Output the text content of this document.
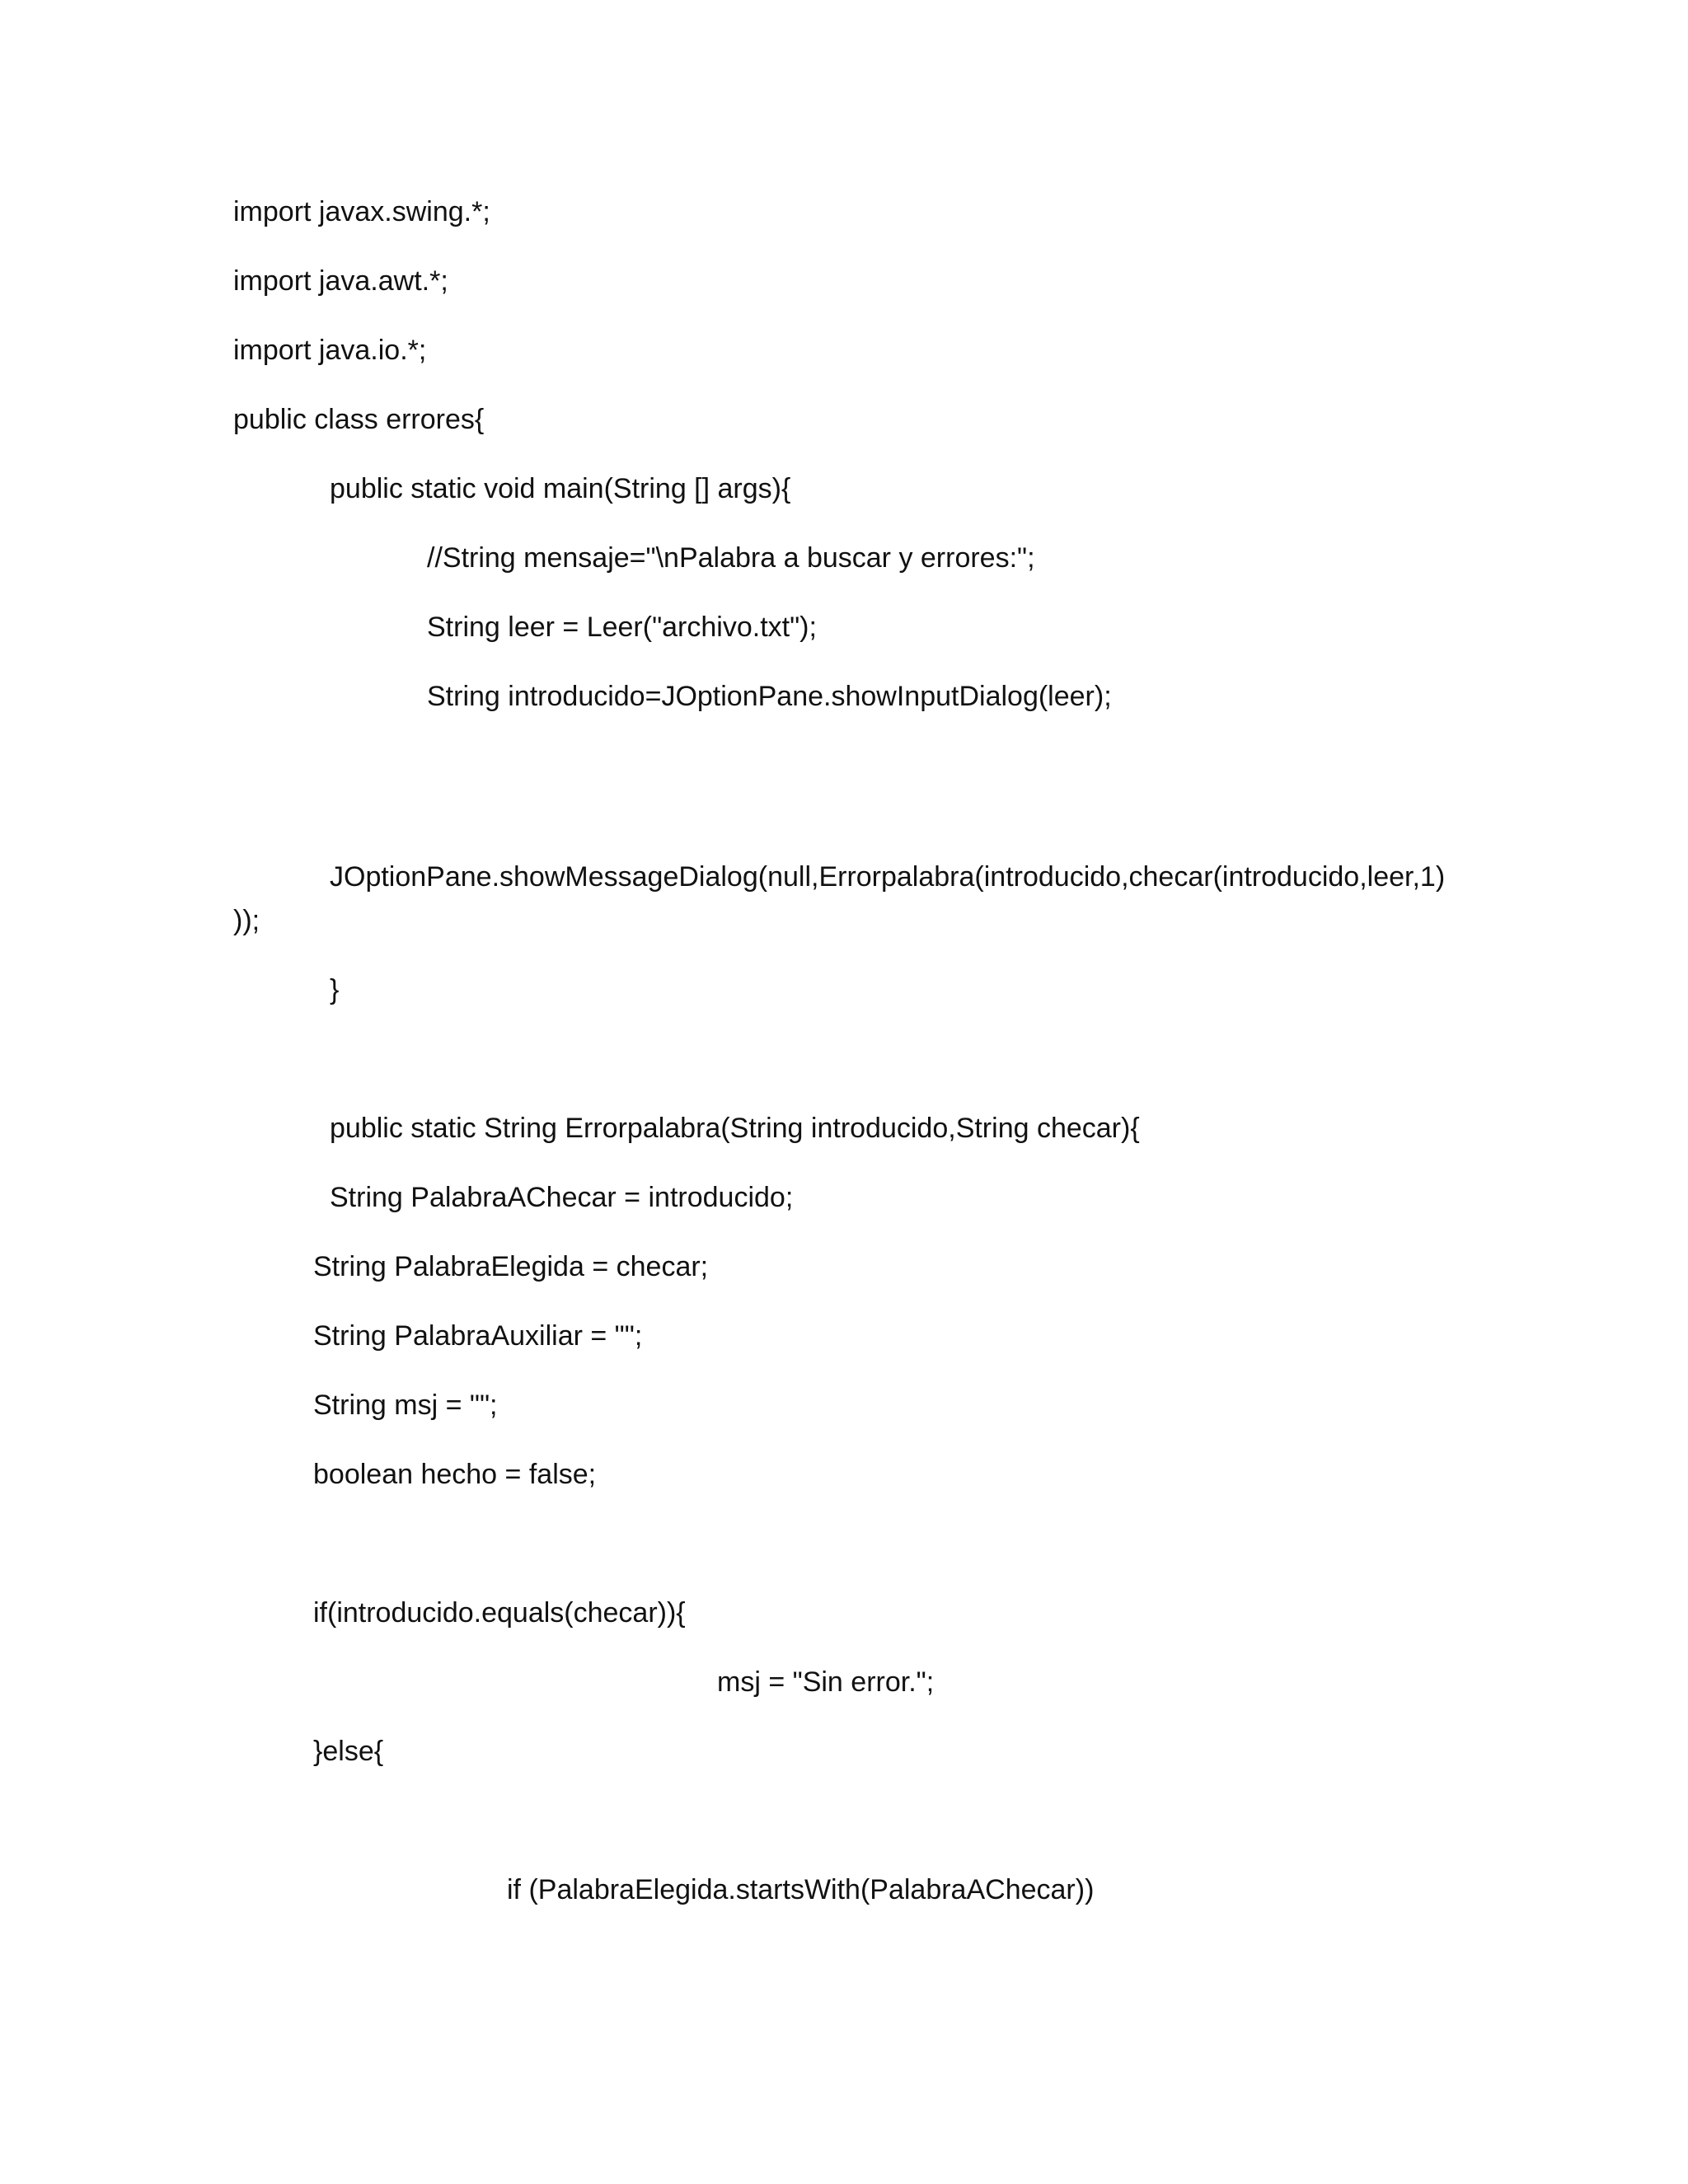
import javax.swing.*;
import java.awt.*;
import java.io.*;
public class errores{
public static void main(String [] args){
//String mensaje="\nPalabra a buscar y errores:";
String leer = Leer("archivo.txt");
String introducido=JOptionPane.showInputDialog(leer);
JOptionPane.showMessageDialog(null,Errorpalabra(introducido,checar(introducido,leer,1)
));
}
public static String Errorpalabra(String introducido,String checar){
String PalabraAChecar = introducido;
String PalabraElegida = checar;
String PalabraAuxiliar = "";
String msj = "";
boolean hecho = false;
if(introducido.equals(checar)){
msj = "Sin error.";
}else{
if (PalabraElegida.startsWith(PalabraAChecar))
